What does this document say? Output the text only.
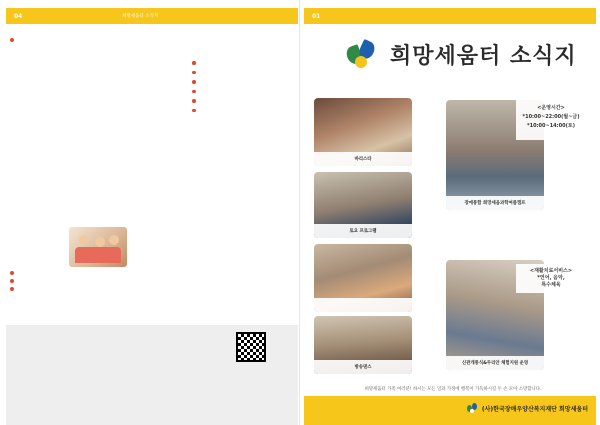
04	희망세움터 소식지	01
희망세움터 소식지
바리스타
장애통합 희망세움과학여름캠프
토요 프로그램
신관개통식&두리안 체험지원 운영
방송댄스
<운영시간>
*10:00~22:00(월~금)
*10:00~14:00(토)
<재활치료서비스>
*언어, 음악,
특수체육
희망세움터 가족 여러분! 하시는 모든 일과 가정에 행복이 가득하시길 두 손 모아 소망합니다.
(사)한국장애우양산복지재단 희망세움터
